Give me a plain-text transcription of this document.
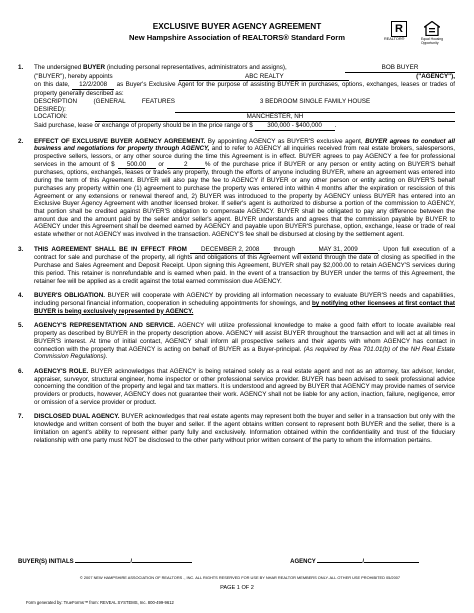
EXCLUSIVE BUYER AGENCY AGREEMENT
New Hampshire Association of REALTORS® Standard Form
R
REALTOR®	Equal Housing Opportunity
1. The undersigned BUYER (including personal representatives, administrators and assigns),	BOB BUYER
("BUYER"), hereby appoints	ABC REALTY	("AGENCY"),
on this date, 12/2/2008 as Buyer's Exclusive Agent for the purpose of assisting BUYER in purchases, options, exchanges, leases or trades of property generally described as:
DESCRIPTION (GENERAL FEATURES DESIRED):
3 BEDROOM SINGLE FAMILY HOUSE
LOCATION:	MANCHESTER, NH
Said purchase, lease or exchange of property should be in the price range of $ 300,000 - $400,000 .
2. EFFECT OF EXCLUSIVE BUYER AGENCY AGREEMENT. By appointing AGENCY as BUYER'S exclusive agent, BUYER agrees to conduct all business and negotiations for property through AGENCY, and to refer to AGENCY all inquiries received from real estate brokers, salespersons, prospective sellers, lessors, or any other source during the time this Agreement is in effect. BUYER agrees to pay AGENCY a fee for professional services in the amount of $ 500.00 or	2	% of the purchase price if BUYER or any person or entity acting on BUYER'S behalf purchases, options, exchanges, leases or trades any property, through the efforts of anyone including BUYER, where an agreement was entered into during the term of this Agreement. BUYER will also pay the fee to AGENCY if BUYER or any other person or entity acting on BUYER'S behalf purchases any property within one (1) agreement to purchase the property was entered into within 4 months after the expiration or rescission of this Agreement or any extensions or renewal thereof and, 2) BUYER was introduced to the property by AGENCY unless BUYER has entered into an Exclusive Buyer Agency Agreement with another licensed broker. If seller's agent is authorized to disburse a portion of the commission to AGENCY, that portion shall be credited against BUYER'S obligation to compensate AGENCY. BUYER shall be obligated to pay any difference between the amount due and the amount paid by the seller and/or seller's agent. BUYER understands and agrees that the commission payable by BUYER to AGENCY under this Agreement shall be deemed earned by AGENCY and payable upon BUYER'S purchase, option, exchange, lease or trade of real estate whether or not AGENCY was involved in the transaction. AGENCY'S fee shall be disbursed at closing by the settlement agent.
3. THIS AGREEMENT SHALL BE IN EFFECT FROM DECEMBER 2, 2008 through	MAY 31, 2009	. Upon full execution of a contract for sale and purchase of the property, all rights and obligations of this Agreement will extend through the date of closing as specified in the Purchase and Sales Agreement and Deposit Receipt. Upon signing this Agreement, BUYER shall pay $2,000.00 to retain AGENCY'S services during this period. This retainer is nonrefundable and is earned when paid. In the event of a transaction by BUYER under the terms of this Agreement, the retainer fee will be applied as a credit against the total earned commission due AGENCY.
4. BUYER'S OBLIGATION. BUYER will cooperate with AGENCY by providing all information necessary to evaluate BUYER'S needs and capabilities, including personal financial information, cooperation in scheduling appointments for showings, and by notifying other licensees at first contact that BUYER is being exclusively represented by AGENCY.
5. AGENCY'S REPRESENTATION AND SERVICE. AGENCY will utilize professional knowledge to make a good faith effort to locate available real property as described by BUYER in the property description above. AGENCY will assist BUYER throughout the transaction and will act at all times in BUYER'S interest. At time of initial contact, AGENCY shall inform all prospective sellers and their agents with whom AGENCY has contact in connection with the property that AGENCY is acting on behalf of BUYER as a Buyer-principal. (As required by Rea 701.01(b) of the NH Real Estate Commission Regulations).
6. AGENCY'S ROLE. BUYER acknowledges that AGENCY is being retained solely as a real estate agent and not as an attorney, tax advisor, lender, appraiser, surveyor, structural engineer, home inspector or other professional service provider. BUYER has been advised to seek professional advice concerning the condition of the property and legal and tax matters. It is understood and agreed by BUYER that AGENCY may provide names of service providers or products, however, AGENCY does not guarantee their work. AGENCY shall not be liable for any action, inaction, failure, negligence, error or omission of a service provider or product.
7. DISCLOSED DUAL AGENCY. BUYER acknowledges that real estate agents may represent both the buyer and seller in a transaction but only with the knowledge and written consent of both the buyer and seller. If the agent obtains written consent to represent both BUYER and the seller, there is a limitation on agent's ability to represent either party fully and exclusively. Information obtained within the confidentiality and trust of the fiduciary relationship with one party must NOT be disclosed to the other party without prior written consent of the party to whom the information pertains.
BUYER(S) INITIALS	/	AGENCY	/
© 2007 NEW HAMPSHIRE ASSOCIATION OF REALTORS ., INC. ALL RIGHTS RESERVED FOR USE BY NHAR REALTOR MEMBERS ONLY. ALL OTHER USE PROHIBITED 05/2007
PAGE 1 OF 2
Form generated by: TrueForms™ from: REVEAL SYSTEMS, Inc. 800-499-9612
